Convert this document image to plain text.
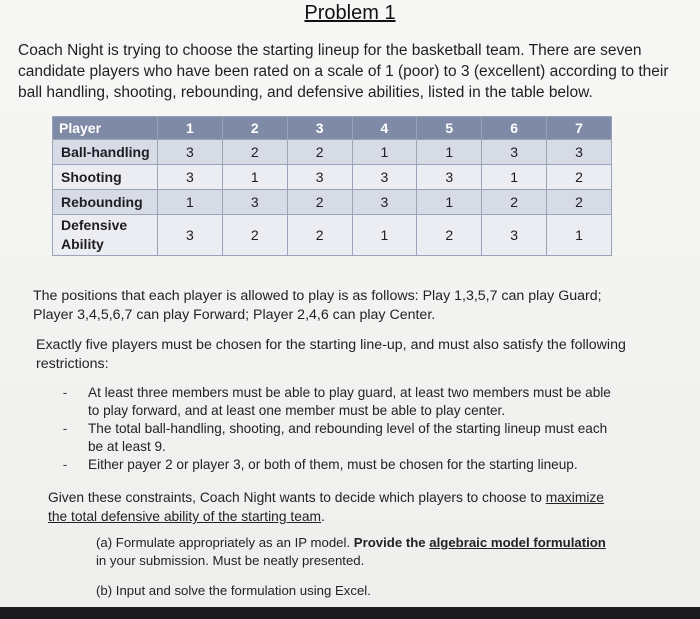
Problem 1
Coach Night is trying to choose the starting lineup for the basketball team. There are seven candidate players who have been rated on a scale of 1 (poor) to 3 (excellent) according to their ball handling, shooting, rebounding, and defensive abilities, listed in the table below.
Player	1	2	3	4	5	6	7
Ball-handling	3	2	2	1	1	3	3
Shooting	3	1	3	3	3	1	2
Rebounding	1	3	2	3	1	2	2
Defensive
Ability	3	2	2	1	2	3	1
The positions that each player is allowed to play is as follows: Play 1,3,5,7 can play Guard; Player 3,4,5,6,7 can play Forward; Player 2,4,6 can play Center.
Exactly five players must be chosen for the starting line-up, and must also satisfy the following restrictions:
-	At least three members must be able to play guard, at least two members must be able to play forward, and at least one member must be able to play center.
-	The total ball-handling, shooting, and rebounding level of the starting lineup must each be at least 9.
-	Either payer 2 or player 3, or both of them, must be chosen for the starting lineup.
Given these constraints, Coach Night wants to decide which players to choose to maximize the total defensive ability of the starting team.
(a) Formulate appropriately as an IP model. Provide the algebraic model formulation in your submission. Must be neatly presented.
(b) Input and solve the formulation using Excel.
